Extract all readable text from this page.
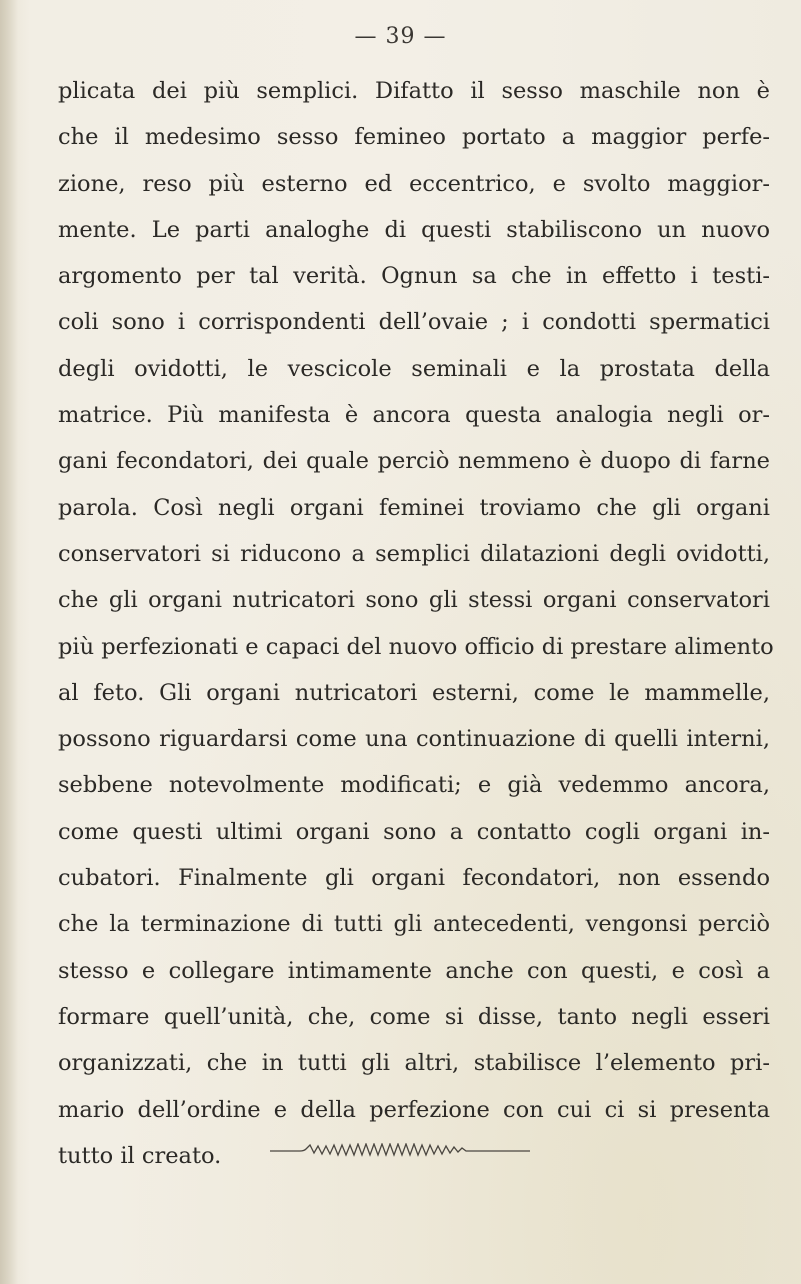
— 39 —
plicata dei più semplici. Difatto il sesso maschile non è
che il medesimo sesso femineo portato a maggior perfe-
zione, reso più esterno ed eccentrico, e svolto maggior-
mente. Le parti analoghe di questi stabiliscono un nuovo
argomento per tal verità. Ognun sa che in effetto i testi-
coli sono i corrispondenti dell’ovaie ; i condotti spermatici
degli ovidotti, le vescicole seminali e la prostata della
matrice. Più manifesta è ancora questa analogia negli or-
gani fecondatori, dei quale perciò nemmeno è duopo di farne
parola. Così negli organi feminei troviamo che gli organi
conservatori si riducono a semplici dilatazioni degli ovidotti,
che gli organi nutricatori sono gli stessi organi conservatori
più perfezionati e capaci del nuovo officio di prestare alimento
al feto. Gli organi nutricatori esterni, come le mammelle,
possono riguardarsi come una continuazione di quelli interni,
sebbene notevolmente modificati; e già vedemmo ancora,
come questi ultimi organi sono a contatto cogli organi in-
cubatori. Finalmente gli organi fecondatori, non essendo
che la terminazione di tutti gli antecedenti, vengonsi perciò
stesso e collegare intimamente anche con questi, e così a
formare quell’unità, che, come si disse, tanto negli esseri
organizzati, che in tutti gli altri, stabilisce l’elemento pri-
mario dell’ordine e della perfezione con cui ci si presenta
tutto il creato.
